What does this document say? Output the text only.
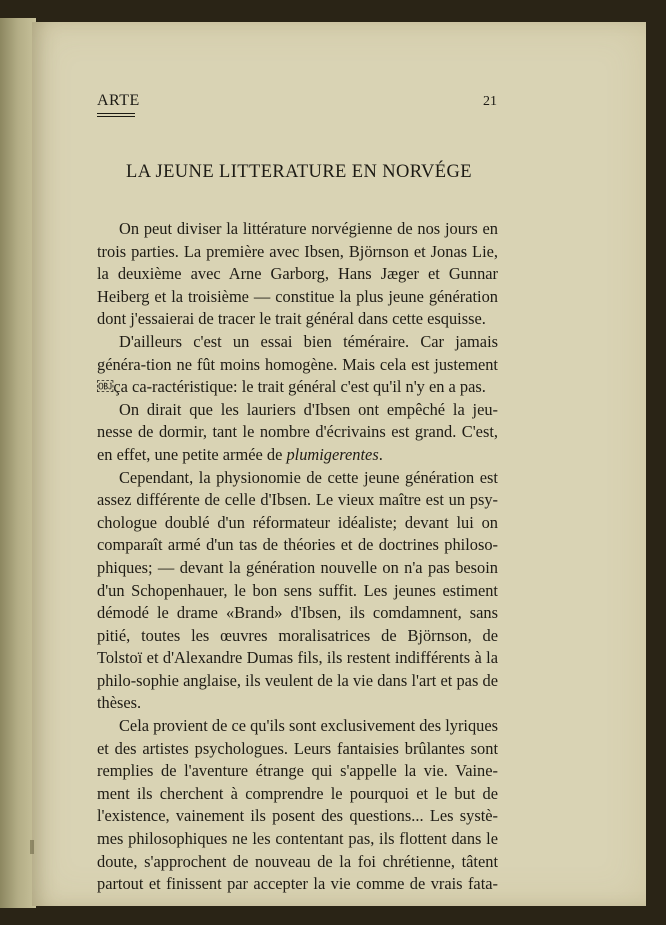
ARTE	21
LA JEUNE LITTERATURE EN NORVÉGE

On peut diviser la littérature norvégienne de nos jours en trois parties. La première avec Ibsen, Björnson et Jonas Lie, la deuxième avec Arne Garborg, Hans Jæger et Gunnar Heiberg et la troisième — constitue la plus jeune génération dont j'essaierai de tracer le trait général dans cette esquisse.

D'ailleurs c'est un essai bien téméraire. Car jamais généra-tion ne fût moins homogène. Mais cela est justement ￼ça ca-ractéristique: le trait général c'est qu'il n'y en a pas.

On dirait que les lauriers d'Ibsen ont empêché la jeu-nesse de dormir, tant le nombre d'écrivains est grand. C'est, en effet, une petite armée de plumigerentes.

Cependant, la physionomie de cette jeune génération est assez différente de celle d'Ibsen. Le vieux maître est un psy-chologue doublé d'un réformateur idéaliste; devant lui on comparaît armé d'un tas de théories et de doctrines philoso-phiques; — devant la génération nouvelle on n'a pas besoin d'un Schopenhauer, le bon sens suffit. Les jeunes estiment démodé le drame «Brand» d'Ibsen, ils comdamnent, sans pitié, toutes les œuvres moralisatrices de Björnson, de Tolstoï et d'Alexandre Dumas fils, ils restent indifférents à la philo-sophie anglaise, ils veulent de la vie dans l'art et pas de thèses.

Cela provient de ce qu'ils sont exclusivement des lyriques et des artistes psychologues. Leurs fantaisies brûlantes sont remplies de l'aventure étrange qui s'appelle la vie. Vaine-ment ils cherchent à comprendre le pourquoi et le but de l'existence, vainement ils posent des questions... Les systè-mes philosophiques ne les contentant pas, ils flottent dans le doute, s'approchent de nouveau de la foi chrétienne, tâtent partout et finissent par accepter la vie comme de vrais fata-
